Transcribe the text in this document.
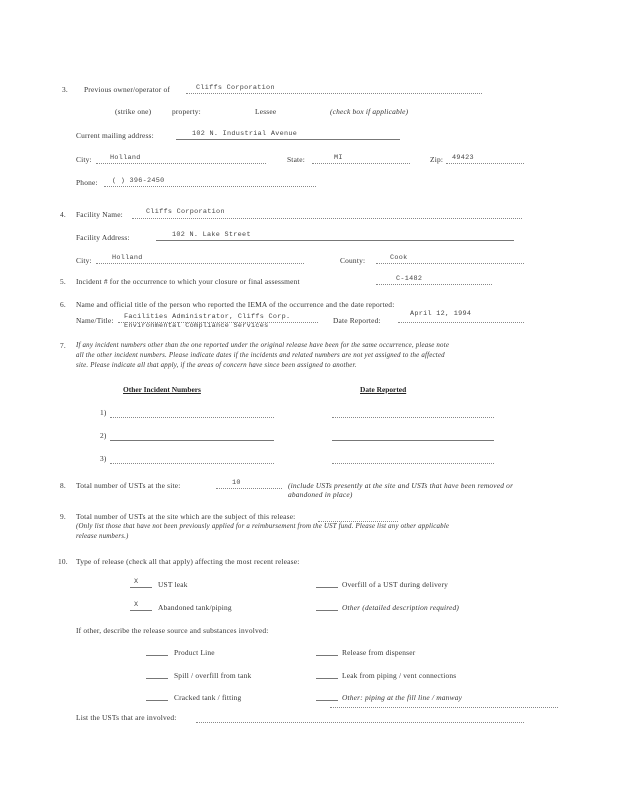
3. Previous owner/operator of	Cliffs Corporation
(strike one)	property:	Lessee	(check box if applicable)
Current mailing address:	102 N. Industrial Avenue
City:	Holland	State:	MI	Zip: 49423
Phone: ( ) 396-2450
4. Facility Name:	Cliffs Corporation
Facility Address:	102 N. Lake Street
City:	Holland	County:	Cook
5. Incident # for the occurrence to which your closure or final assessment	C-1482
6. Name and official title of the person who reported the IEMA of the occurrence and the date reported:
Name/Title: Facilities Administrator, Cliffs Corp.
Environmental Compliance Services
Date Reported:
April 12, 1994
7. If any incident numbers other than the one reported under the original release have been for the same occurrence, please note
all the other incident numbers. Please indicate dates if the incidents and related numbers are not yet assigned to the affected
site. Please indicate all that apply, if the areas of concern have since been assigned to another.
Other Incident Numbers	Date Reported
1)
2)
3)
8. Total number of USTs at the site:	10	(include USTs presently at the site and USTs that have been removed or abandoned in place)
9. Total number of USTs at the site which are the subject of this release:
(Only list those that have not been previously applied for a reimbursement from the UST fund. Please list any other applicable
release numbers.)
10. Type of release (check all that apply) affecting the most recent release:
X	UST leak	Overfill of a UST during delivery
X	Abandoned tank/piping	Other (detailed description required)
If other, describe the release source and substances involved:
Product Line	Release from dispenser
Spill / overfill from tank	Leak from piping / vent connections
Cracked tank / fitting	Other: piping at the fill line / manway
List the USTs that are involved:
